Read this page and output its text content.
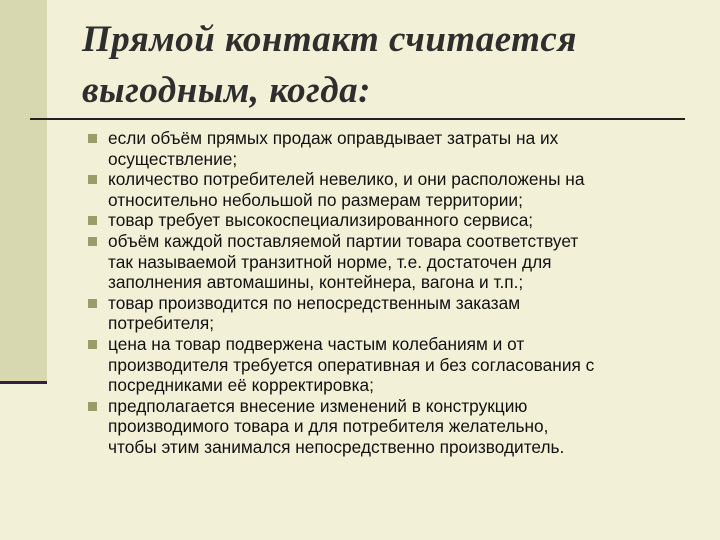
Прямой контакт считается
выгодным, когда:
если объём прямых продаж оправдывает затраты на их
осуществление;
количество потребителей невелико, и они расположены на
относительно небольшой по размерам территории;
товар требует высокоспециализированного сервиса;
объём каждой поставляемой партии товара соответствует
так называемой транзитной норме, т.е. достаточен для
заполнения автомашины, контейнера, вагона и т.п.;
товар производится по непосредственным заказам
потребителя;
цена на товар подвержена частым колебаниям и от
производителя требуется оперативная и без согласования с
посредниками её корректировка;
предполагается внесение изменений в конструкцию
производимого товара и для потребителя желательно,
чтобы этим занимался непосредственно производитель.
